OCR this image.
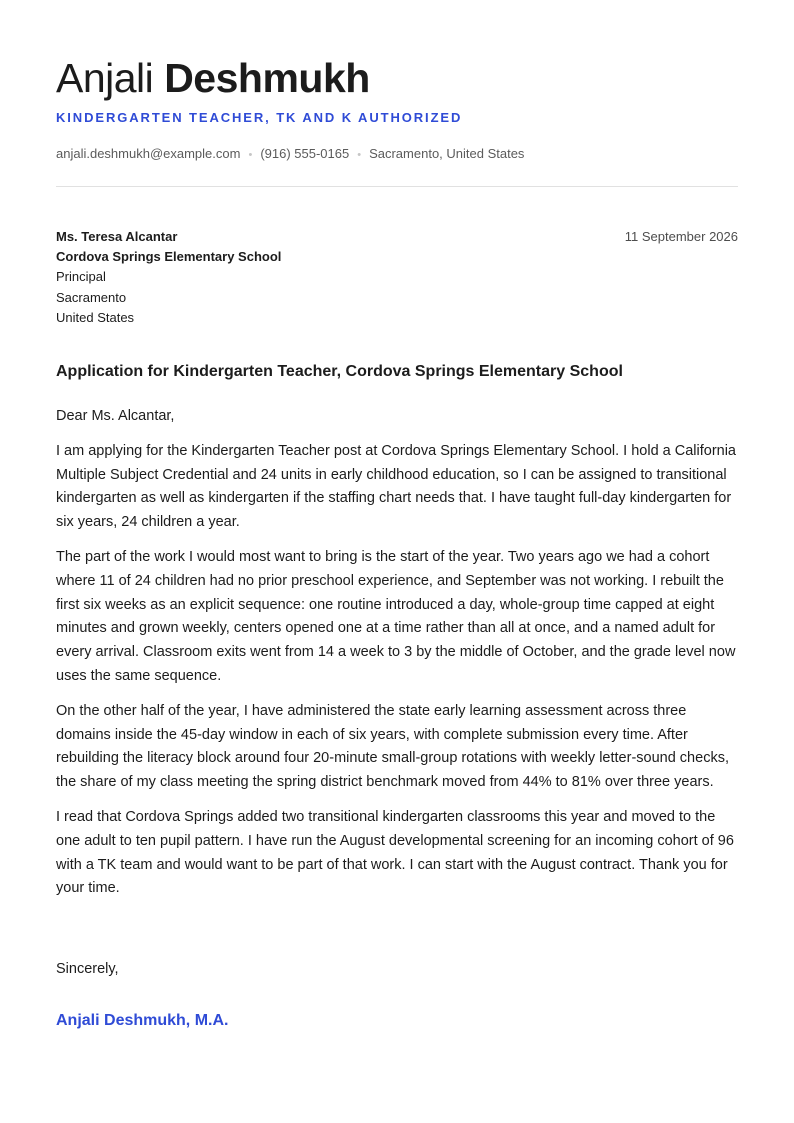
Anjali Deshmukh
KINDERGARTEN TEACHER, TK AND K AUTHORIZED
anjali.deshmukh@example.com • (916) 555-0165 • Sacramento, United States
Ms. Teresa Alcantar
Cordova Springs Elementary School
Principal
Sacramento
United States
11 September 2026
Application for Kindergarten Teacher, Cordova Springs Elementary School
Dear Ms. Alcantar,

I am applying for the Kindergarten Teacher post at Cordova Springs Elementary School. I hold a California Multiple Subject Credential and 24 units in early childhood education, so I can be assigned to transitional kindergarten as well as kindergarten if the staffing chart needs that. I have taught full-day kindergarten for six years, 24 children a year.

The part of the work I would most want to bring is the start of the year. Two years ago we had a cohort where 11 of 24 children had no prior preschool experience, and September was not working. I rebuilt the first six weeks as an explicit sequence: one routine introduced a day, whole-group time capped at eight minutes and grown weekly, centers opened one at a time rather than all at once, and a named adult for every arrival. Classroom exits went from 14 a week to 3 by the middle of October, and the grade level now uses the same sequence.

On the other half of the year, I have administered the state early learning assessment across three domains inside the 45-day window in each of six years, with complete submission every time. After rebuilding the literacy block around four 20-minute small-group rotations with weekly letter-sound checks, the share of my class meeting the spring district benchmark moved from 44% to 81% over three years.

I read that Cordova Springs added two transitional kindergarten classrooms this year and moved to the one adult to ten pupil pattern. I have run the August developmental screening for an incoming cohort of 96 with a TK team and would want to be part of that work. I can start with the August contract. Thank you for your time.

Sincerely,
Anjali Deshmukh, M.A.
